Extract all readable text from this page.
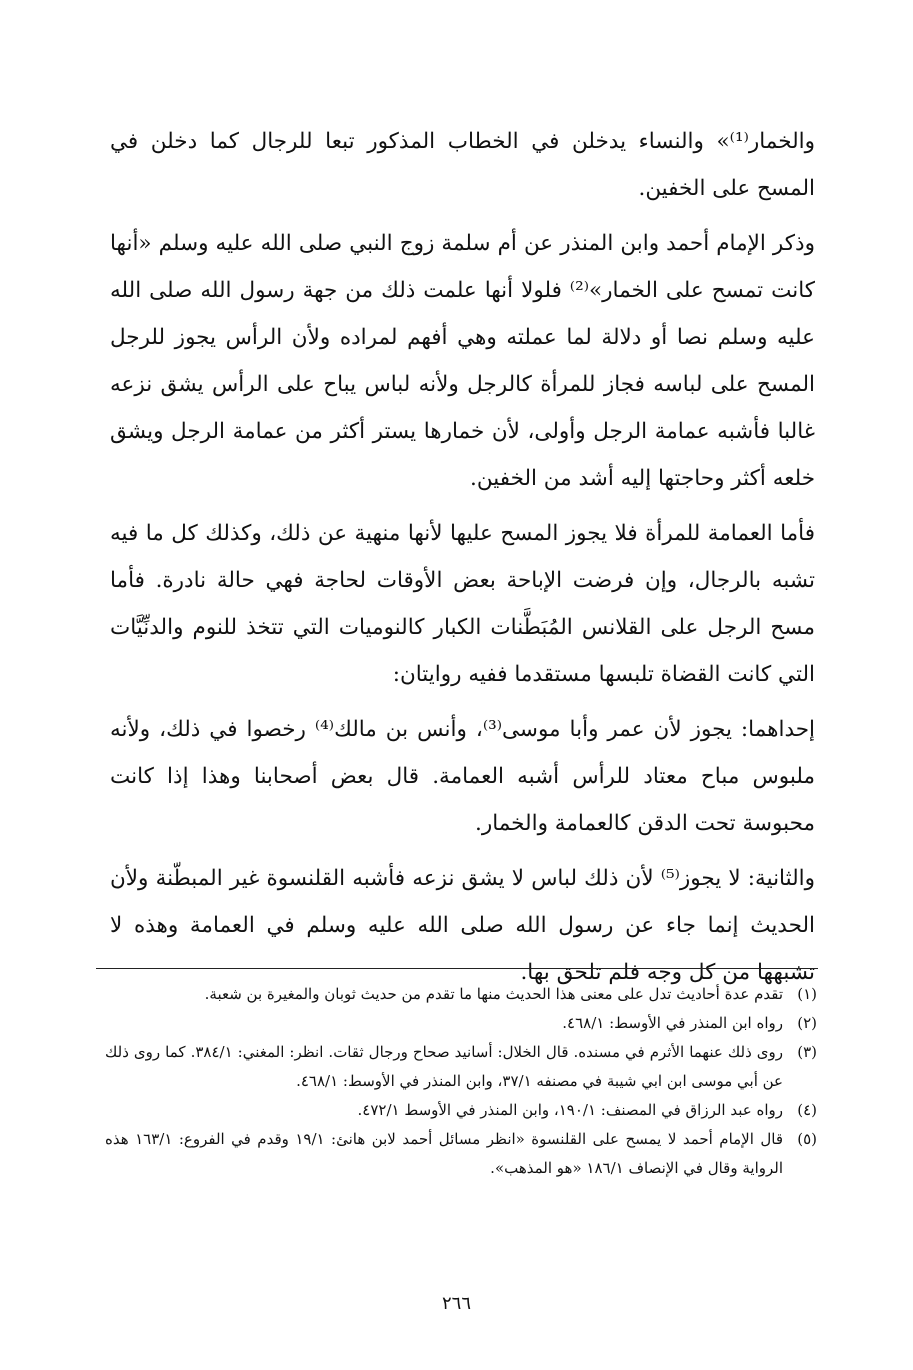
والخمار⁽¹⁾» والنساء يدخلن في الخطاب المذكور تبعا للرجال كما دخلن في المسح على الخفين.

وذكر الإمام أحمد وابن المنذر عن أم سلمة زوج النبي صلى الله عليه وسلم «أنها كانت تمسح على الخمار»⁽²⁾ فلولا أنها علمت ذلك من جهة رسول الله صلى الله عليه وسلم نصا أو دلالة لما عملته وهي أفهم لمراده ولأن الرأس يجوز للرجل المسح على لباسه فجاز للمرأة كالرجل ولأنه لباس يباح على الرأس يشق نزعه غالبا فأشبه عمامة الرجل وأولى، لأن خمارها يستر أكثر من عمامة الرجل ويشق خلعه أكثر وحاجتها إليه أشد من الخفين.

فأما العمامة للمرأة فلا يجوز المسح عليها لأنها منهية عن ذلك، وكذلك كل ما فيه تشبه بالرجال، وإن فرضت الإباحة بعض الأوقات لحاجة فهي حالة نادرة. فأما مسح الرجل على القلانس المُبَطَّنات الكبار كالنوميات التي تتخذ للنوم والدنِّيَّات التي كانت القضاة تلبسها مستقدما ففيه روايتان:

إحداهما: يجوز لأن عمر وأبا موسى⁽³⁾، وأنس بن مالك⁽⁴⁾ رخصوا في ذلك، ولأنه ملبوس مباح معتاد للرأس أشبه العمامة. قال بعض أصحابنا وهذا إذا كانت محبوسة تحت الدقن كالعمامة والخمار.

والثانية: لا يجوز⁽⁵⁾ لأن ذلك لباس لا يشق نزعه فأشبه القلنسوة غير المبطّنة ولأن الحديث إنما جاء عن رسول الله صلى الله عليه وسلم في العمامة وهذه لا تشبهها من كل وجه فلم تلحق بها.

(١)
تقدم عدة أحاديث تدل على معنى هذا الحديث منها ما تقدم من حديث ثوبان والمغيرة بن شعبة.
(٢)
رواه ابن المنذر في الأوسط: ٤٦٨/١.
(٣)
روى ذلك عنهما الأثرم في مسنده. قال الخلال: أسانيد صحاح ورجال ثقات. انظر: المغني: ٣٨٤/١. كما روى ذلك عن أبي موسى ابن ابي شيبة في مصنفه ٣٧/١، وابن المنذر في الأوسط: ٤٦٨/١.
(٤)
رواه عبد الرزاق في المصنف: ١٩٠/١، وابن المنذر في الأوسط ٤٧٢/١.
(٥)
قال الإمام أحمد لا يمسح على القلنسوة «انظر مسائل أحمد لابن هانئ: ١٩/١ وقدم في الفروع: ١٦٣/١ هذه الرواية وقال في الإنصاف ١٨٦/١ «هو المذهب».
٢٦٦
